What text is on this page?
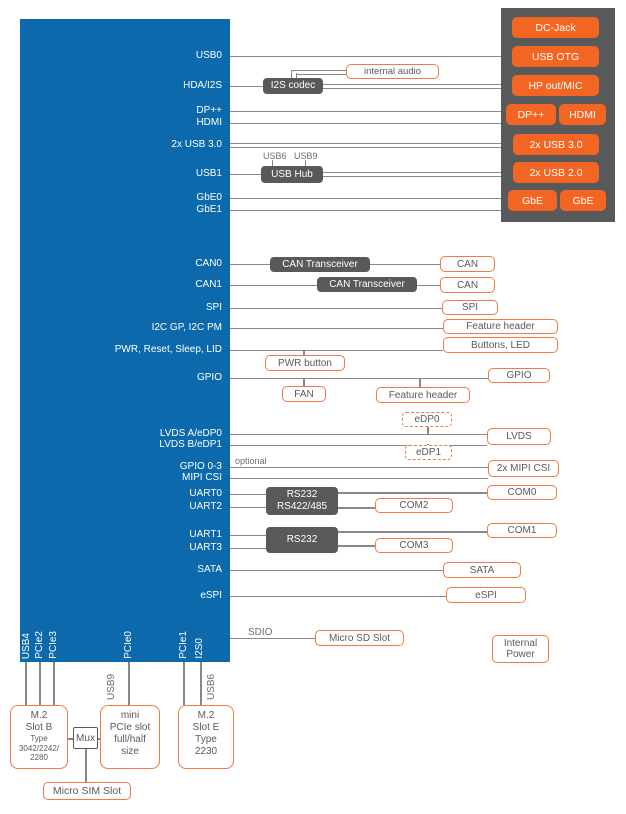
USB0
HDA/I2S
DP++
HDMI
2x USB 3.0
USB1
GbE0
GbE1
CAN0
CAN1
SPI
I2C GP, I2C PM
PWR, Reset, Sleep, LID
GPIO
LVDS A/eDP0
LVDS B/eDP1
GPIO 0-3
MIPI CSI
UART0
UART2
UART1
UART3
SATA
eSPI
USB4 PCIe2 PCIe3	PCIe0	PCIe1 I2S0
I2S codec
USB Hub
CAN Transceiver
CAN Transceiver
RS232
RS422/485
RS232
internal audio
CAN
CAN
SPI
Feature header
Buttons, LED
PWR button
GPIO
FAN	Feature header
eDP0
eDP1
LVDS
2x MIPI CSI
COM0
COM2
COM1
COM3
SATA
eSPI
Micro SD Slot	Internal
Power
Micro SIM Slot
M.2
Slot B
Type
3042/2242/
2280
Mux
mini
PCIe slot
full/half
size
M.2
Slot E
Type
2230
USB6 USB9
optional
SDIO
USB9	USB6
DC-Jack
USB OTG
HP out/MIC
DP++	HDMI
2x USB 3.0
2x USB 2.0
GbE	GbE
